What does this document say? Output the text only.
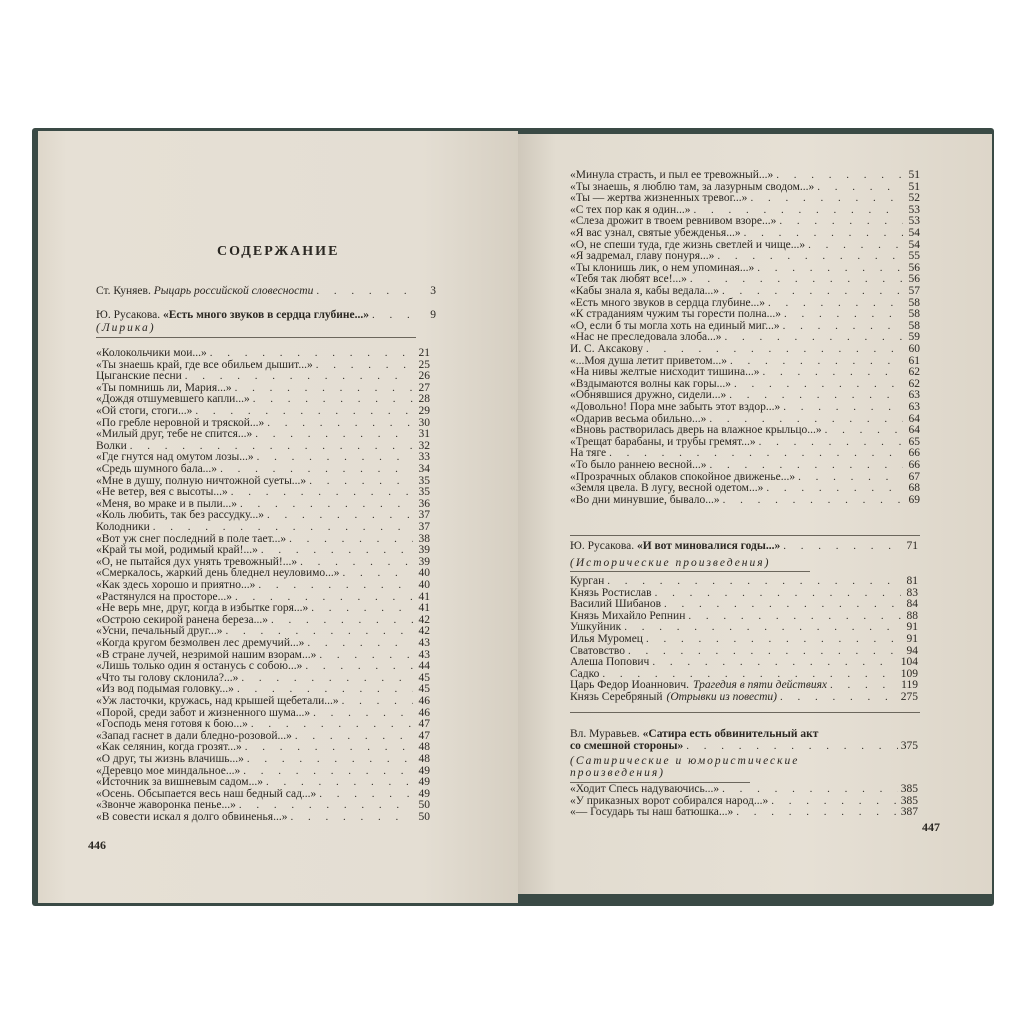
СОДЕРЖАНИЕ
Ст. Куняев. Рыцарь российской словесности . . .	3
Ю. Русакова. «Есть много звуков в сердца глубине...» . . .	9
(Лирика)
«Колокольчики мои...» . . .	21
«Ты знаешь край, где все обильем дышит...» . . .	25
Цыганские песни . . .	26
«Ты помнишь ли, Мария...» . . .	27
«Дождя отшумевшего капли...» . . .	28
«Ой стоги, стоги...» . . .	29
«По гребле неровной и тряской...» . . .	30
«Милый друг, тебе не спится...» . . .	31
Волки . . .	32
«Где гнутся над омутом лозы...» . . .	33
«Средь шумного бала...» . . .	34
«Мне в душу, полную ничтожной суеты...» . . .	35
«Не ветер, вея с высоты...» . . .	35
«Меня, во мраке и в пыли...» . . .	36
«Коль любить, так без рассудку...» . . .	37
Колодники . . .	37
«Вот уж снег последний в поле тает...» . . .	38
«Край ты мой, родимый край!...» . . .	39
«О, не пытайся дух унять тревожный!...» . . .	39
«Смеркалось, жаркий день бледнел неуловимо...» . . .	40
«Как здесь хорошо и приятно...» . . .	40
«Растянулся на просторе...» . . .	41
«Не верь мне, друг, когда в избытке горя...» . . .	41
«Острою секирой ранена береза...» . . .	42
«Усни, печальный друг...» . . .	42
«Когда кругом безмолвен лес дремучий...» . . .	43
«В стране лучей, незримой нашим взорам...» . . .	43
«Лишь только один я останусь с собою...» . . .	44
«Что ты голову склонила?...» . . .	45
«Из вод подымая головку...» . . .	45
«Уж ласточки, кружась, над крышей щебетали...» . . .	46
«Порой, среди забот и жизненного шума...» . . .	46
«Господь меня готовя к бою...» . . .	47
«Запад гаснет в дали бледно-розовой...» . . .	47
«Как селянин, когда грозят...» . . .	48
«О друг, ты жизнь влачишь...» . . .	48
«Деревцо мое миндальное...» . . .	49
«Источник за вишневым садом...» . . .	49
«Осень. Обсыпается весь наш бедный сад...» . . .	49
«Звонче жаворонка пенье...» . . .	50
«В совести искал я долго обвиненья...» . . .	50
446
«Минула страсть, и пыл ее тревожный...» . . .	51
«Ты знаешь, я люблю там, за лазурным сводом...» . . .	51
«Ты — жертва жизненных тревог...» . . .	52
«С тех пор как я один...» . . .	53
«Слеза дрожит в твоем ревнивом взоре...» . . .	53
«Я вас узнал, святые убежденья...» . . .	54
«О, не спеши туда, где жизнь светлей и чище...» . . .	54
«Я задремал, главу понуря...» . . .	55
«Ты клонишь лик, о нем упоминая...» . . .	56
«Тебя так любят все!...» . . .	56
«Кабы знала я, кабы ведала...» . . .	57
«Есть много звуков в сердца глубине...» . . .	58
«К страданиям чужим ты горести полна...» . . .	58
«О, если б ты могла хоть на единый миг...» . . .	58
«Нас не преследовала злоба...» . . .	59
И. С. Аксакову . . .	60
«...Моя душа летит приветом...» . . .	61
«На нивы желтые нисходит тишина...» . . .	62
«Вздымаются волны как горы...» . . .	62
«Обнявшися дружно, сидели...» . . .	63
«Довольно! Пора мне забыть этот вздор...» . . .	63
«Одарив весьма обильно...» . . .	64
«Вновь растворилась дверь на влажное крыльцо...» . . .	64
«Трещат барабаны, и трубы гремят...» . . .	65
На тяге . . .	66
«То было раннею весной...» . . .	66
«Прозрачных облаков спокойное движенье...» . . .	67
«Земля цвела. В лугу, весной одетом...» . . .	68
«Во дни минувшие, бывало...» . . .	69
Ю. Русакова. «И вот миновалися годы...» . . .	71
(Исторические произведения)
Курган . . .	81
Князь Ростислав . . .	83
Василий Шибанов . . .	84
Князь Михайло Репнин . . .	88
Ушкуйник . . .	91
Илья Муромец . . .	91
Сватовство . . .	94
Алеша Попович . . .	104
Садко . . .	109
Царь Федор Иоаннович. Трагедия в пяти действиях . . .	119
Князь Серебряный (Отрывки из повести) . . .	275
Вл. Муравьев. «Сатира есть обвинительный акт
со смешной стороны» . . .	375
(Сатирические и юмористические
произведения)
«Ходит Спесь надуваючись...» . . .	385
«У приказных ворот собирался народ...» . . .	385
«— Государь ты наш батюшка...» . . .	387
447
